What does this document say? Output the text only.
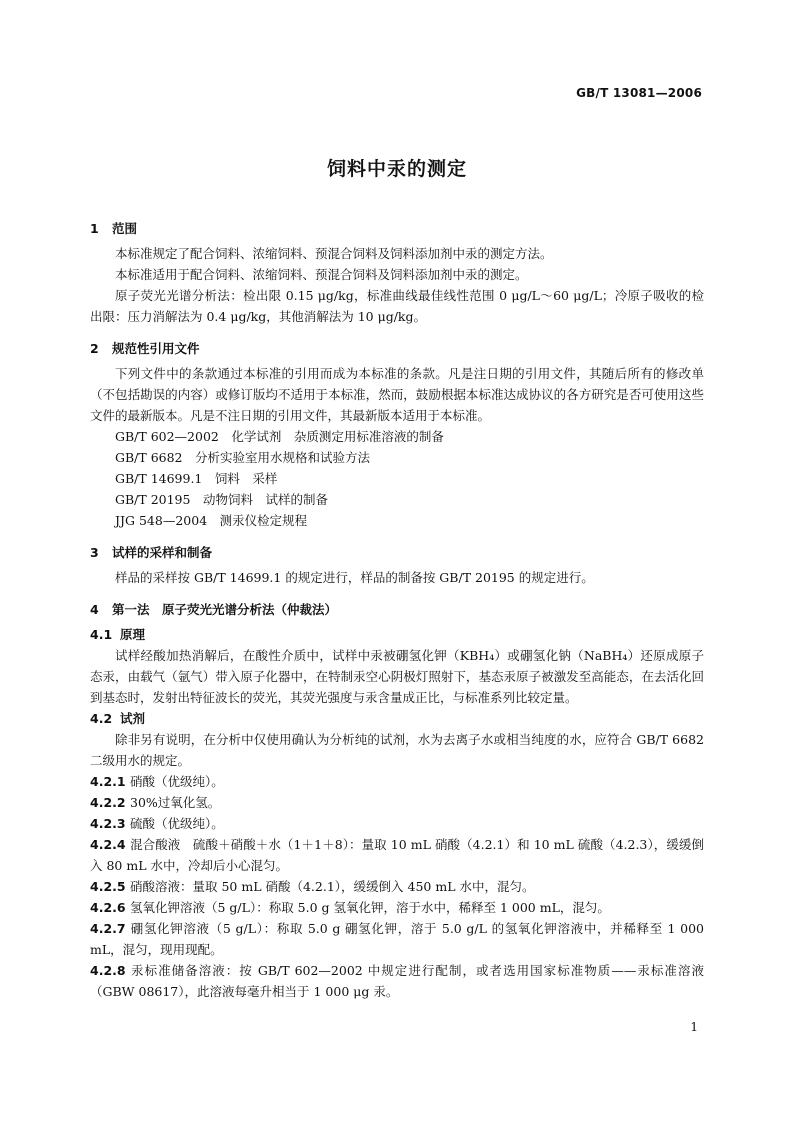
GB/T 13081—2006
饲料中汞的测定
1 范围

本标准规定了配合饲料、浓缩饲料、预混合饲料及饲料添加剂中汞的测定方法。

本标准适用于配合饲料、浓缩饲料、预混合饲料及饲料添加剂中汞的测定。

原子荧光光谱分析法：检出限 0.15 μg/kg，标准曲线最佳线性范围 0 μg/L～60 μg/L；冷原子吸收的检出限：压力消解法为 0.4 μg/kg，其他消解法为 10 μg/kg。

2 规范性引用文件

下列文件中的条款通过本标准的引用而成为本标准的条款。凡是注日期的引用文件，其随后所有的修改单（不包括勘误的内容）或修订版均不适用于本标准，然而，鼓励根据本标准达成协议的各方研究是否可使用这些文件的最新版本。凡是不注日期的引用文件，其最新版本适用于本标准。

GB/T 602—2002　化学试剂　杂质测定用标准溶液的制备

GB/T 6682　分析实验室用水规格和试验方法

GB/T 14699.1　饲料　采样

GB/T 20195　动物饲料　试样的制备

JJG 548—2004　测汞仪检定规程

3 试样的采样和制备

样品的采样按 GB/T 14699.1 的规定进行，样品的制备按 GB/T 20195 的规定进行。

4 第一法　原子荧光光谱分析法（仲裁法）
4.1 原理

试样经酸加热消解后，在酸性介质中，试样中汞被硼氢化钾（KBH₄）或硼氢化钠（NaBH₄）还原成原子态汞，由载气（氩气）带入原子化器中，在特制汞空心阴极灯照射下，基态汞原子被激发至高能态，在去活化回到基态时，发射出特征波长的荧光，其荧光强度与汞含量成正比，与标准系列比较定量。

4.2 试剂

除非另有说明，在分析中仅使用确认为分析纯的试剂，水为去离子水或相当纯度的水，应符合 GB/T 6682二级用水的规定。

4.2.1 硝酸（优级纯）。

4.2.2 30%过氧化氢。

4.2.3 硫酸（优级纯）。

4.2.4 混合酸液　硫酸＋硝酸＋水（1＋1＋8）：量取 10 mL 硝酸（4.2.1）和 10 mL 硫酸（4.2.3），缓缓倒入 80 mL 水中，冷却后小心混匀。

4.2.5 硝酸溶液：量取 50 mL 硝酸（4.2.1），缓缓倒入 450 mL 水中，混匀。

4.2.6 氢氧化钾溶液（5 g/L）：称取 5.0 g 氢氧化钾，溶于水中，稀释至 1 000 mL，混匀。

4.2.7 硼氢化钾溶液（5 g/L）：称取 5.0 g 硼氢化钾，溶于 5.0 g/L 的氢氧化钾溶液中，并稀释至 1 000 mL，混匀，现用现配。

4.2.8 汞标准储备溶液：按 GB/T 602—2002 中规定进行配制，或者选用国家标准物质——汞标准溶液（GBW 08617），此溶液每毫升相当于 1 000 μg 汞。

1
